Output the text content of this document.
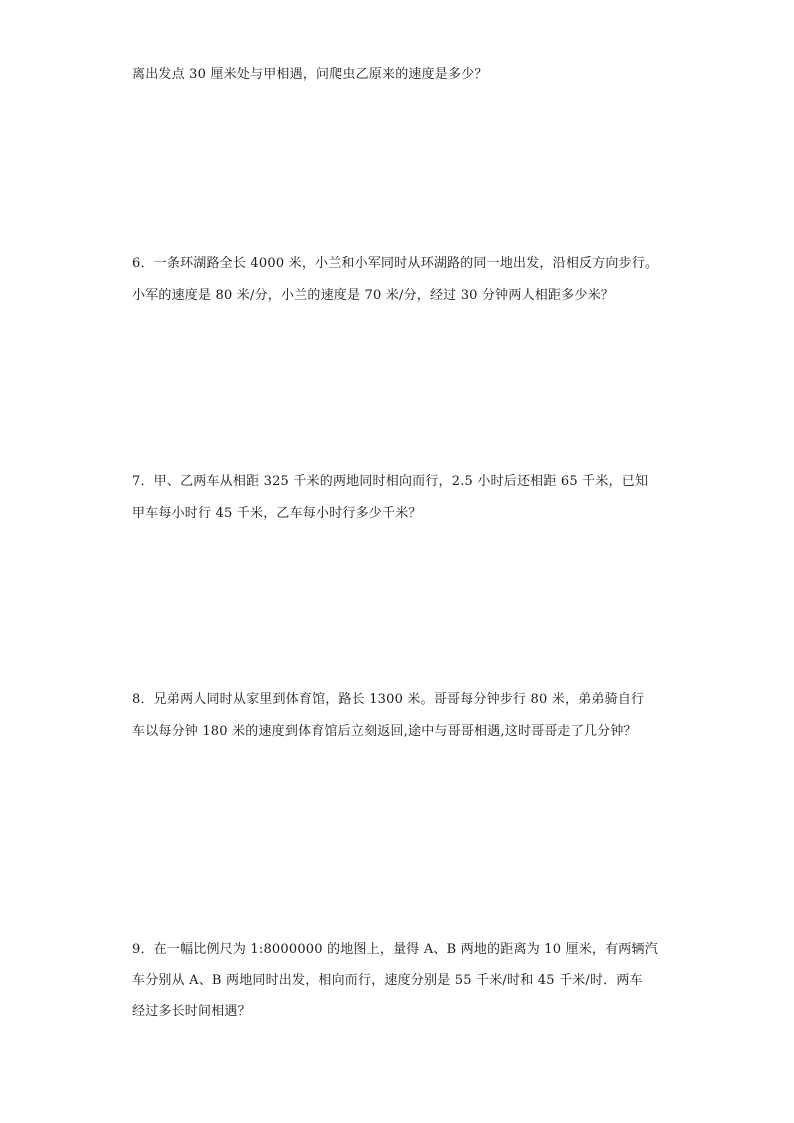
离出发点 30 厘米处与甲相遇，问爬虫乙原来的速度是多少？
6．一条环湖路全长 4000 米，小兰和小军同时从环湖路的同一地出发，沿相反方向步行。
小军的速度是 80 米/分，小兰的速度是 70 米/分，经过 30 分钟两人相距多少米？
7．甲、乙两车从相距 325 千米的两地同时相向而行，2.5 小时后还相距 65 千米，已知
甲车每小时行 45 千米，乙车每小时行多少千米？
8．兄弟两人同时从家里到体育馆，路长 1300 米。哥哥每分钟步行 80 米，弟弟骑自行
车以每分钟 180 米的速度到体育馆后立刻返回,途中与哥哥相遇,这时哥哥走了几分钟？
9．在一幅比例尺为 1:8000000 的地图上，量得 A、B 两地的距离为 10 厘米，有两辆汽
车分别从 A、B 两地同时出发，相向而行，速度分别是 55 千米/时和 45 千米/时．两车
经过多长时间相遇？
